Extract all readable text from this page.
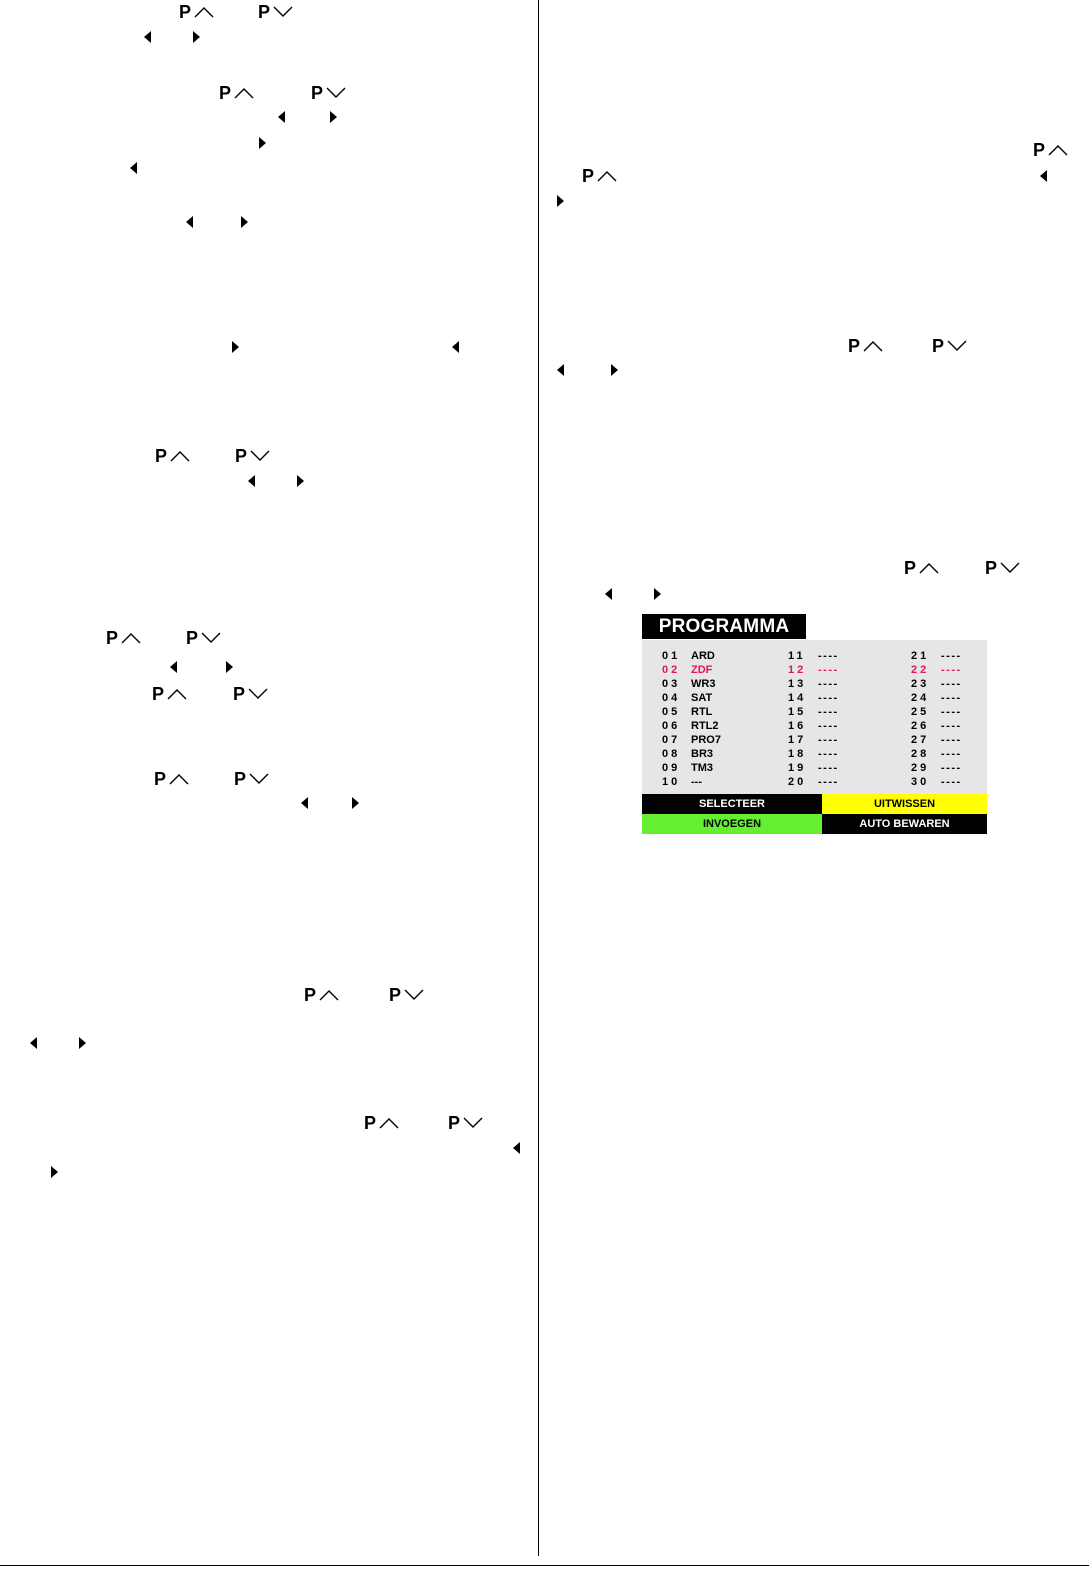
P
P
P
P
P
P
P
P
P
P
P
P
P
P
P
P
P
P
P
P
P
P
PROGRAMMA
01 ARD	11 ----	21 ----
02 ZDF	12 ----	22 ----
03 WR3	13 ----	23 ----
04 SAT	14 ----	24 ----
05 RTL	15 ----	25 ----
06 RTL2	16 ----	26 ----
07 PRO7	17 ----	27 ----
08 BR3	18 ----	28 ----
09 TM3	19 ----	29 ----
10 ---	20 ----	30 ----
SELECTEER	UITWISSEN
INVOEGEN	AUTO BEWAREN
